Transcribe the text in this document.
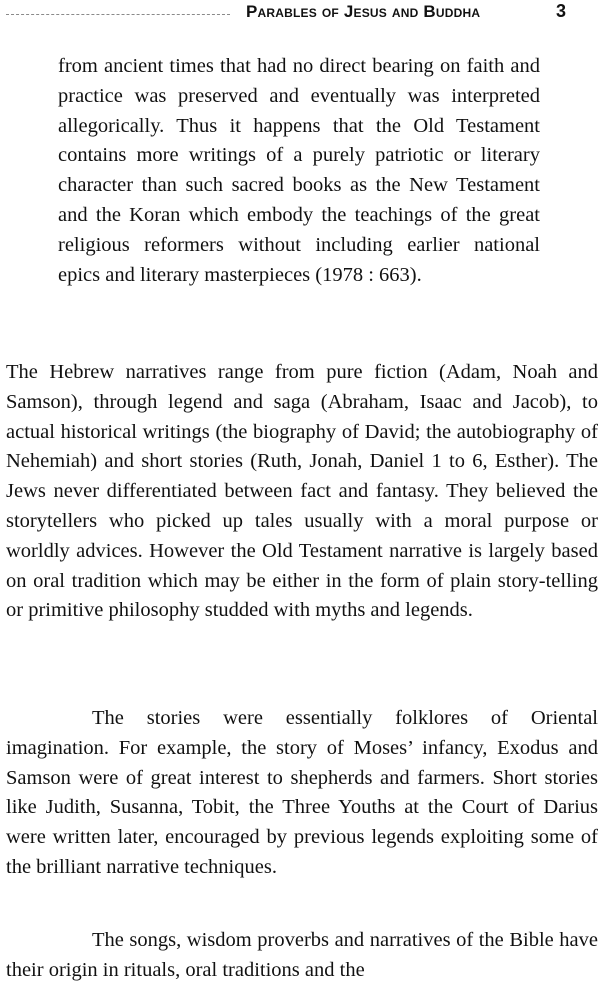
Parables of Jesus and Buddha	3
from ancient times that had no direct bearing on faith and practice was preserved and eventually was interpreted allegorically. Thus it happens that the Old Testament contains more writings of a purely patriotic or literary character than such sacred books as the New Testament and the Koran which embody the teachings of the great religious reformers without including earlier national epics and literary masterpieces (1978 : 663).
The Hebrew narratives range from pure fiction (Adam, Noah and Samson), through legend and saga (Abraham, Isaac and Jacob), to actual historical writings (the biography of David; the autobiography of Nehemiah) and short stories (Ruth, Jonah, Daniel 1 to 6, Esther). The Jews never differentiated between fact and fantasy. They believed the storytellers who picked up tales usually with a moral purpose or worldly advices. However the Old Testament narrative is largely based on oral tradition which may be either in the form of plain story-telling or primitive philosophy studded with myths and legends.
The stories were essentially folklores of Oriental imagination. For example, the story of Moses’ infancy, Exodus and Samson were of great interest to shepherds and farmers. Short stories like Judith, Susanna, Tobit, the Three Youths at the Court of Darius were written later, encouraged by previous legends exploiting some of the brilliant narrative techniques.
The songs, wisdom proverbs and narratives of the Bible have their origin in rituals, oral traditions and the
